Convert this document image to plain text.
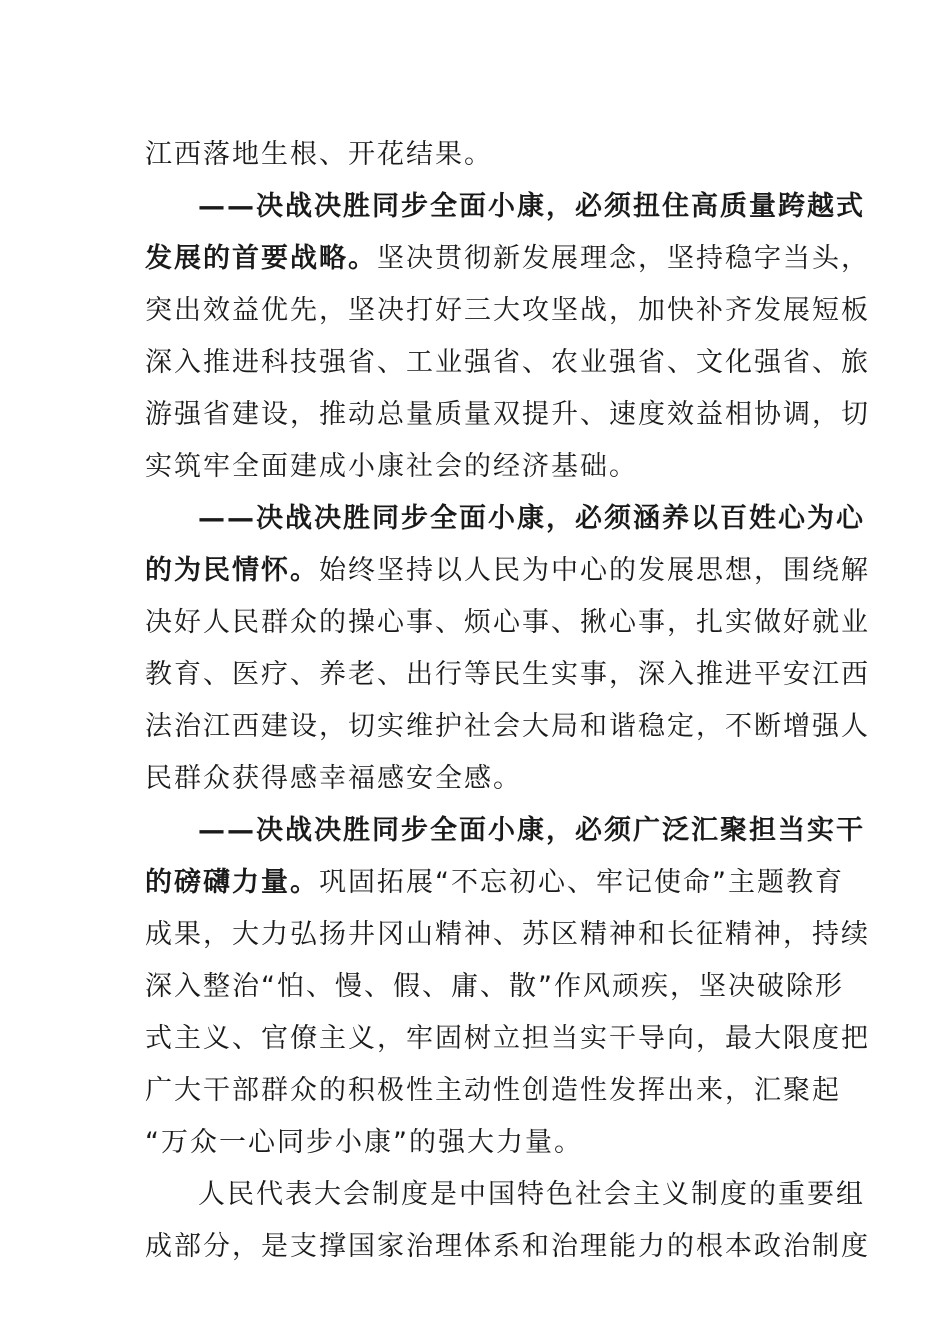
江西落地生根、开花结果。
——决战决胜同步全面小康，必须扭住高质量跨越式
发展的首要战略。坚决贯彻新发展理念，坚持稳字当头，
突出效益优先，坚决打好三大攻坚战，加快补齐发展短板
深入推进科技强省、工业强省、农业强省、文化强省、旅
游强省建设，推动总量质量双提升、速度效益相协调，切
实筑牢全面建成小康社会的经济基础。
——决战决胜同步全面小康，必须涵养以百姓心为心
的为民情怀。始终坚持以人民为中心的发展思想，围绕解
决好人民群众的操心事、烦心事、揪心事，扎实做好就业
教育、医疗、养老、出行等民生实事，深入推进平安江西
法治江西建设，切实维护社会大局和谐稳定，不断增强人
民群众获得感幸福感安全感。
——决战决胜同步全面小康，必须广泛汇聚担当实干
的磅礴力量。巩固拓展“不忘初心、牢记使命”主题教育
成果，大力弘扬井冈山精神、苏区精神和长征精神，持续
深入整治“怕、慢、假、庸、散”作风顽疾，坚决破除形
式主义、官僚主义，牢固树立担当实干导向，最大限度把
广大干部群众的积极性主动性创造性发挥出来，汇聚起
“万众一心同步小康”的强大力量。
人民代表大会制度是中国特色社会主义制度的重要组
成部分，是支撑国家治理体系和治理能力的根本政治制度
